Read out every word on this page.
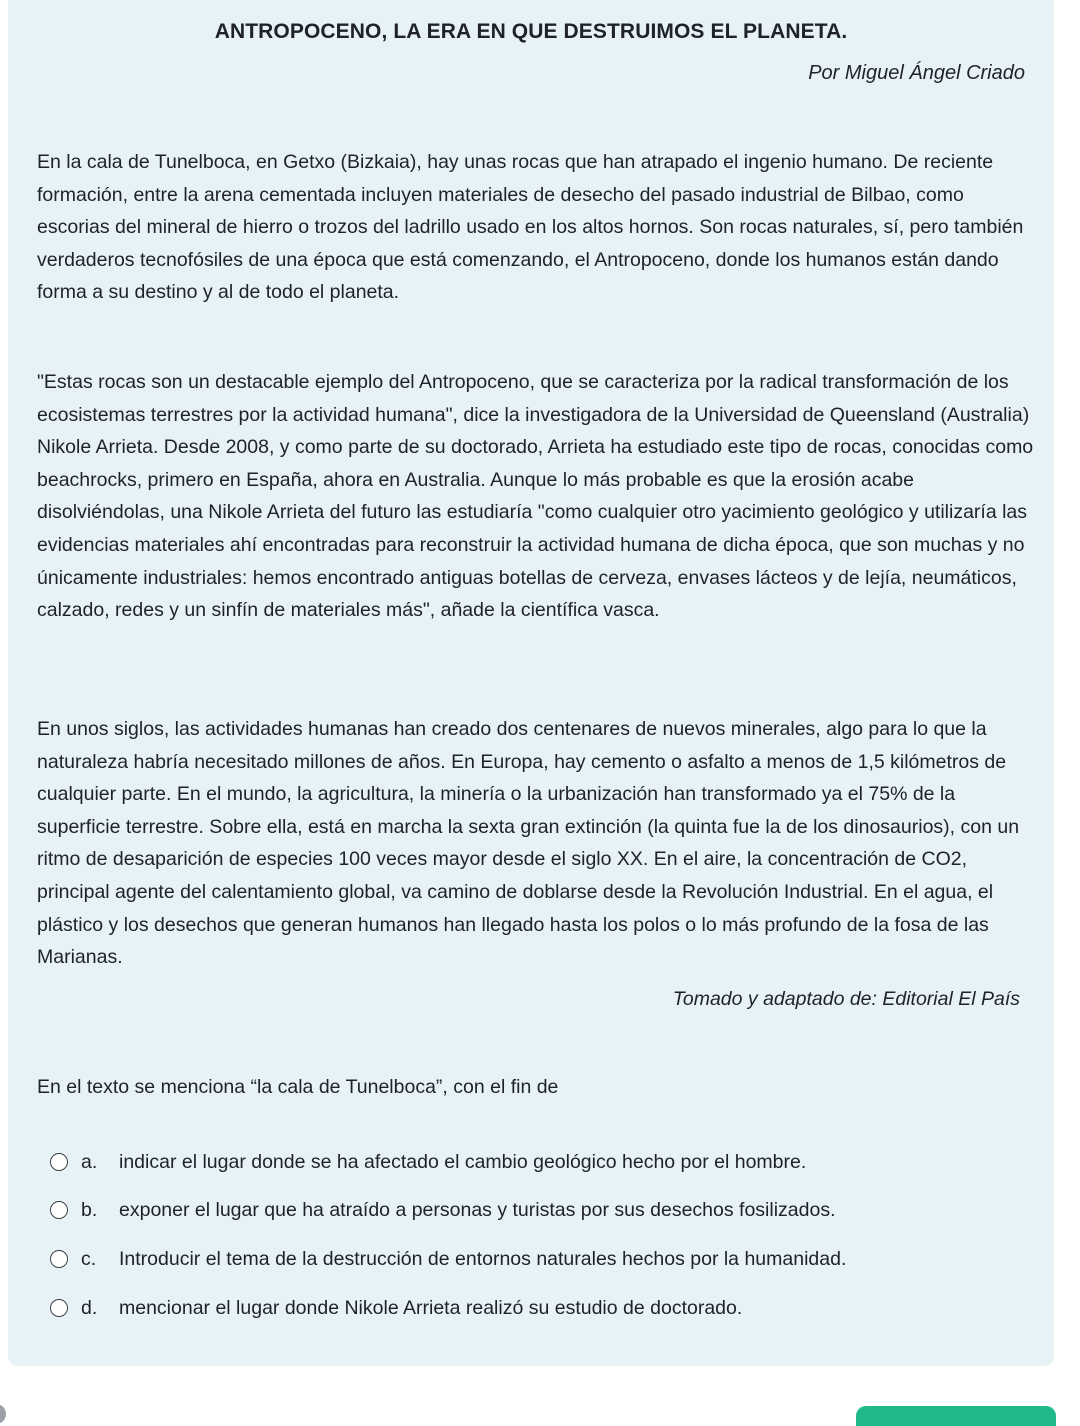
ANTROPOCENO, LA ERA EN QUE DESTRUIMOS EL PLANETA.
Por Miguel Ángel Criado

En la cala de Tunelboca, en Getxo (Bizkaia), hay unas rocas que han atrapado el ingenio humano. De reciente formación, entre la arena cementada incluyen materiales de desecho del pasado industrial de Bilbao, como escorias del mineral de hierro o trozos del ladrillo usado en los altos hornos. Son rocas naturales, sí, pero también verdaderos tecnofósiles de una época que está comenzando, el Antropoceno, donde los humanos están dando forma a su destino y al de todo el planeta.

"Estas rocas son un destacable ejemplo del Antropoceno, que se caracteriza por la radical transformación de los ecosistemas terrestres por la actividad humana", dice la investigadora de la Universidad de Queensland (Australia) Nikole Arrieta. Desde 2008, y como parte de su doctorado, Arrieta ha estudiado este tipo de rocas, conocidas como beachrocks, primero en España, ahora en Australia. Aunque lo más probable es que la erosión acabe disolviéndolas, una Nikole Arrieta del futuro las estudiaría "como cualquier otro yacimiento geológico y utilizaría las evidencias materiales ahí encontradas para reconstruir la actividad humana de dicha época, que son muchas y no únicamente industriales: hemos encontrado antiguas botellas de cerveza, envases lácteos y de lejía, neumáticos, calzado, redes y un sinfín de materiales más", añade la científica vasca.

En unos siglos, las actividades humanas han creado dos centenares de nuevos minerales, algo para lo que la naturaleza habría necesitado millones de años. En Europa, hay cemento o asfalto a menos de 1,5 kilómetros de cualquier parte. En el mundo, la agricultura, la minería o la urbanización han transformado ya el 75% de la superficie terrestre. Sobre ella, está en marcha la sexta gran extinción (la quinta fue la de los dinosaurios), con un ritmo de desaparición de especies 100 veces mayor desde el siglo XX. En el aire, la concentración de CO2, principal agente del calentamiento global, va camino de doblarse desde la Revolución Industrial. En el agua, el plástico y los desechos que generan humanos han llegado hasta los polos o lo más profundo de la fosa de las Marianas.

Tomado y adaptado de: Editorial El País
En el texto se menciona “la cala de Tunelboca”, con el fin de
a.	indicar el lugar donde se ha afectado el cambio geológico hecho por el hombre.
b.	exponer el lugar que ha atraído a personas y turistas por sus desechos fosilizados.
c.	Introducir el tema de la destrucción de entornos naturales hechos por la humanidad.
d.	mencionar el lugar donde Nikole Arrieta realizó su estudio de doctorado.
